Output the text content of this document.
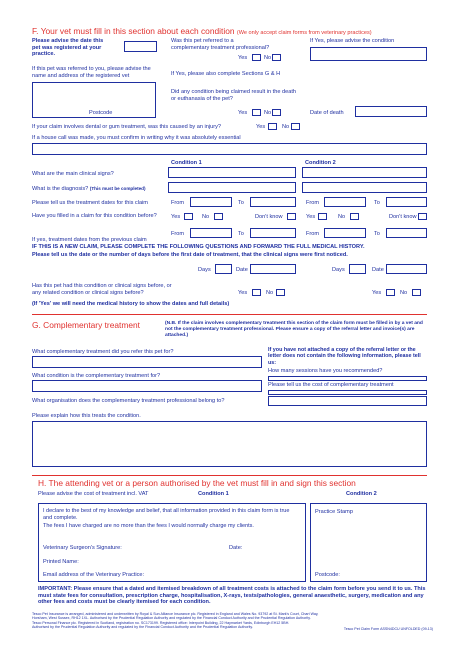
F. Your vet must fill in this section about each condition (We only accept claim forms from veterinary practices)
Please advise the date this pet was registered at your practice.
Was this pet referred to a complementary treatment professional?
Yes	No
If Yes, please advise the condition
If this pet was referred to you, please advise the name and address of the registered vet
Postcode
If Yes, please also complete Sections G & H
Did any condition being claimed result in the death or euthanasia of the pet?
Yes	No	Date of death
If your claim involves dental or gum treatment, was this caused by an injury?	Yes	No
If a house call was made, you must confirm in writing why it was absolutely essential
Condition 1	Condition 2
What are the main clinical signs?
What is the diagnosis? (This must be completed)
Please tell us the treatment dates for this claim	From	To	From	To
Have you filled in a claim for this condition before?	Yes	No	Don't know	Yes	No	Don't know
From	To	From	To
If yes, treatment dates from the previous claim
IF THIS IS A NEW CLAIM, PLEASE COMPLETE THE FOLLOWING QUESTIONS AND FORWARD THE FULL MEDICAL HISTORY.
Please tell us the date or the number of days before the first date of treatment, that the clinical signs were first noticed.
Days	Date	Days	Date
Has this pet had this condition or clinical signs before, or any related condition or clinical signs before?	Yes	No	Yes	No
(If 'Yes' we will need the medical history to show the dates and full details)
G. Complementary treatment	(N.B. If the claim involves complementary treatment this section of the claim form must be filled in by a vet and not the complementary treatment professional. Please ensure a copy of the referral letter and invoice(s) are attached.)
What complementary treatment did you refer this pet for?	If you have not attached a copy of the referral letter or the letter does not contain the following information, please tell us:
What condition is the complementary treatment for?
How many sessions have you recommended?
Please tell us the cost of complementary treatment
What organisation does the complementary treatment professional belong to?
Please explain how this treats the condition.
H. The attending vet or a person authorised by the vet must fill in and sign this section
Please advise the cost of treatment incl. VAT	Condition 1	Condition 2
I declare to the best of my knowledge and belief, that all information provided in this claim form is true and complete.
The fees I have charged are no more than the fees I would normally charge my clients.
Veterinary Surgeon's Signature:	Date:
Printed Name:
Email address of the Veterinary Practice:
Practice Stamp
Postcode:
IMPORTANT: Please ensure that a dated and itemised breakdown of all treatment costs is attached to the claim form before you send it to us. This must state fees for consultation, prescription charge, hospitalisation, X-rays, tests/pathologies, general anaesthetic, surgery, medication and any other fees and costs must be clearly itemised for each condition.
Tesco Pet Insurance is arranged, administered and underwritten by Royal & Sun Alliance Insurance plc. Registered in England and Wales No. 93792 at St. Mark's Court, Chart Way,
Horsham, West Sussex, RH12 1XL. Authorised by the Prudential Regulation Authority and regulated by the Financial Conduct Authority and the Prudential Regulation Authority.
Tesco Personal Finance plc. Registered in Scotland, registration no. SC173199. Registered office: Interpoint Building, 22 Haymarket Yards, Edinburgh EH12 5BH.
Authorised by the Prudential Regulation Authority and regulated by the Financial Conduct Authority and the Prudential Regulation Authority.	Tesco Pet Claim Form ASSN4DCU UNFOLDED (09-13)
